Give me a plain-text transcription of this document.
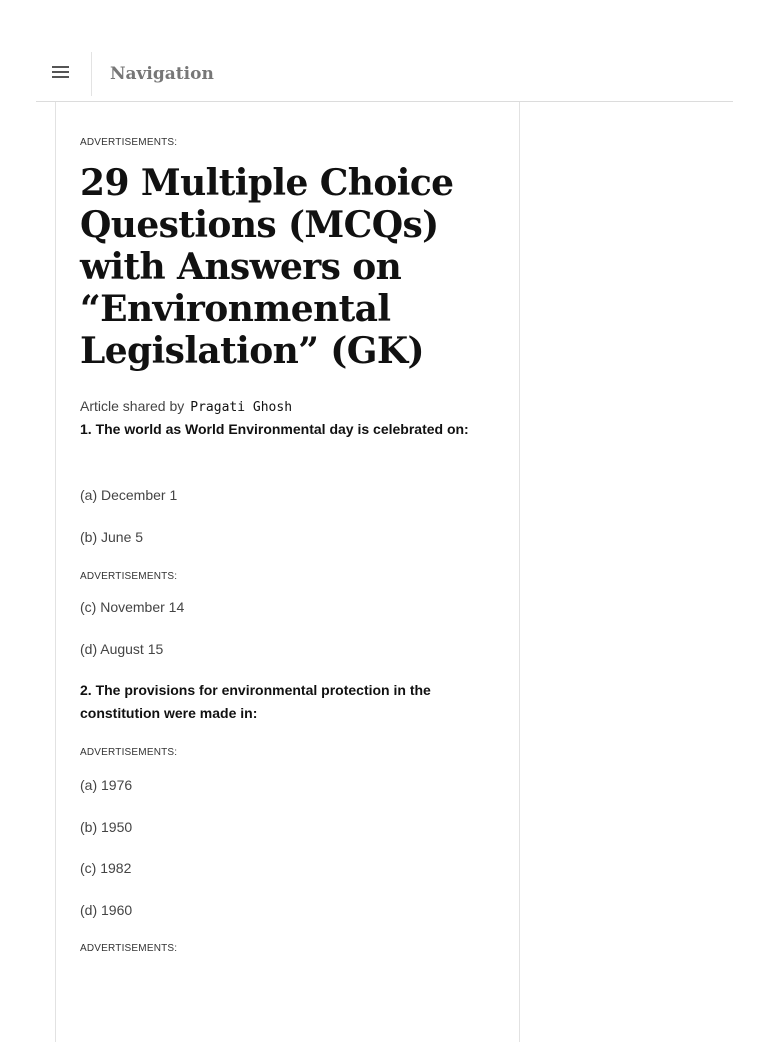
Navigation
ADVERTISEMENTS:
29 Multiple Choice Questions (MCQs) with Answers on “Environmental Legislation” (GK)
Article shared by Pragati Ghosh
1. The world as World Environmental day is celebrated on:
(a) December 1
(b) June 5
ADVERTISEMENTS:
(c) November 14
(d) August 15
2. The provisions for environmental protection in the constitution were made in:
ADVERTISEMENTS:
(a) 1976
(b) 1950
(c) 1982
(d) 1960
ADVERTISEMENTS:
